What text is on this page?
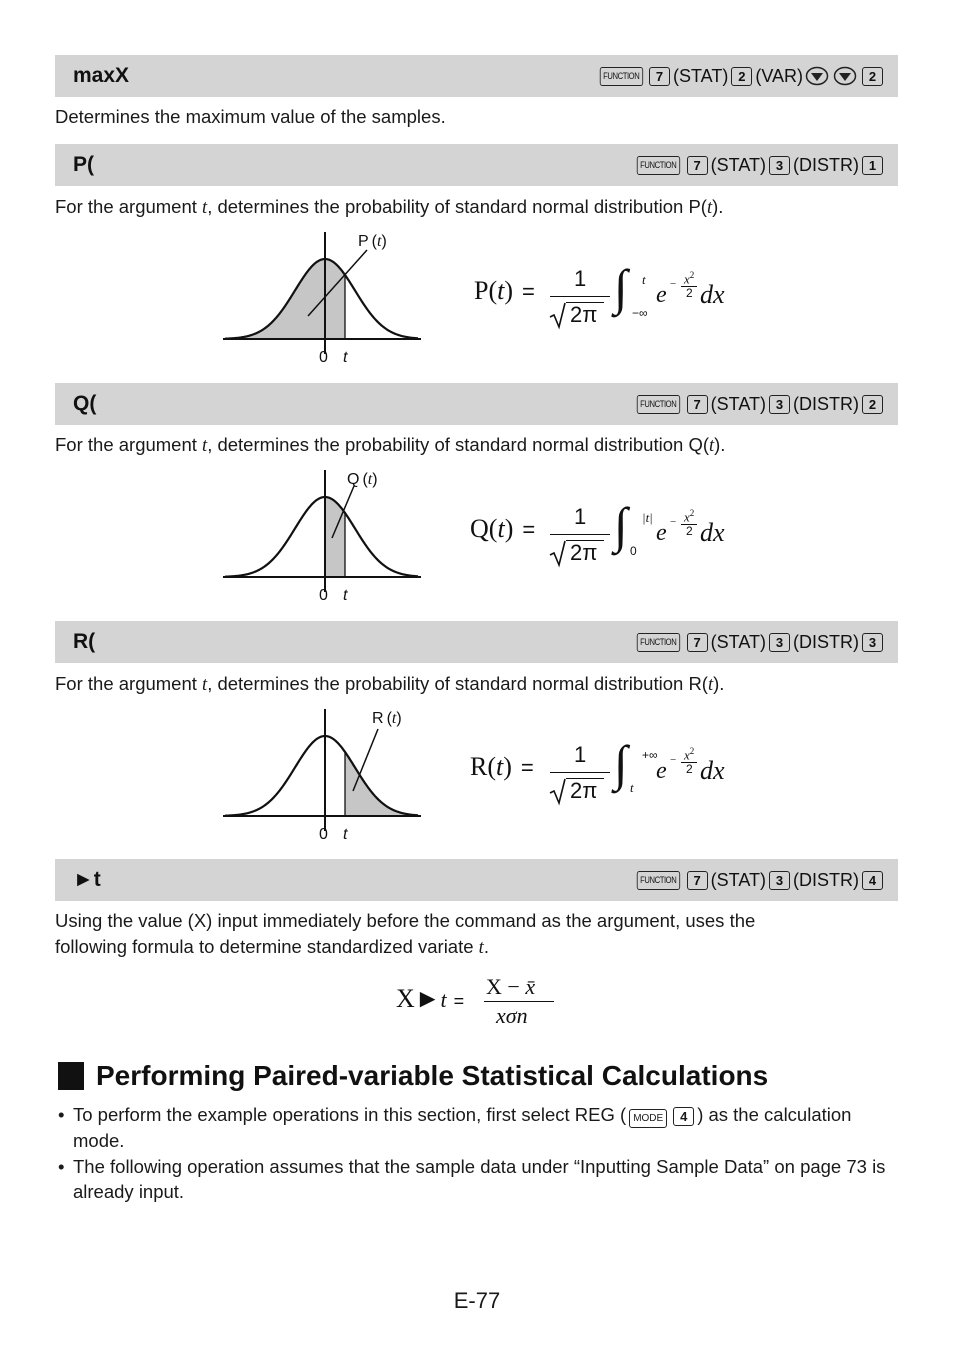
maxX	FUNCTION	7 (STAT) 2 (VAR)	2
Determines the maximum value of the samples.
P(	FUNCTION	7 (STAT) 3 (DISTR) 1
For the argument t, determines the probability of standard normal distribution P(t).
P (t)
0 t
P(t) =
1
2π ∫ t
−∞
$e - x^2$
2 dx
Q(	FUNCTION	7 (STAT) 3 (DISTR) 2
For the argument t, determines the probability of standard normal distribution Q(t).
Q (t)
0 t
Q(t) =
1
2π ∫ |t|
0
$e - x^2$
2 dx
R(	FUNCTION	7 (STAT) 3 (DISTR) 3
For the argument t, determines the probability of standard normal distribution R(t).
R (t)
0 t
R(t) =
1
2π ∫ +∞
t
$e - x^2$
2 dx
►t	FUNCTION	7 (STAT) 3 (DISTR) 4
Using the value (X) input immediately before the command as the argument, uses the
following formula to determine standardized variate t.
X►t =
X − x̄
xσn
Performing Paired-variable Statistical Calculations
• To perform the example operations in this section, first select REG ( MODE 4 ) as the calculation mode.
• The following operation assumes that the sample data under “Inputting Sample Data” on page 73 is already input.
E-77
